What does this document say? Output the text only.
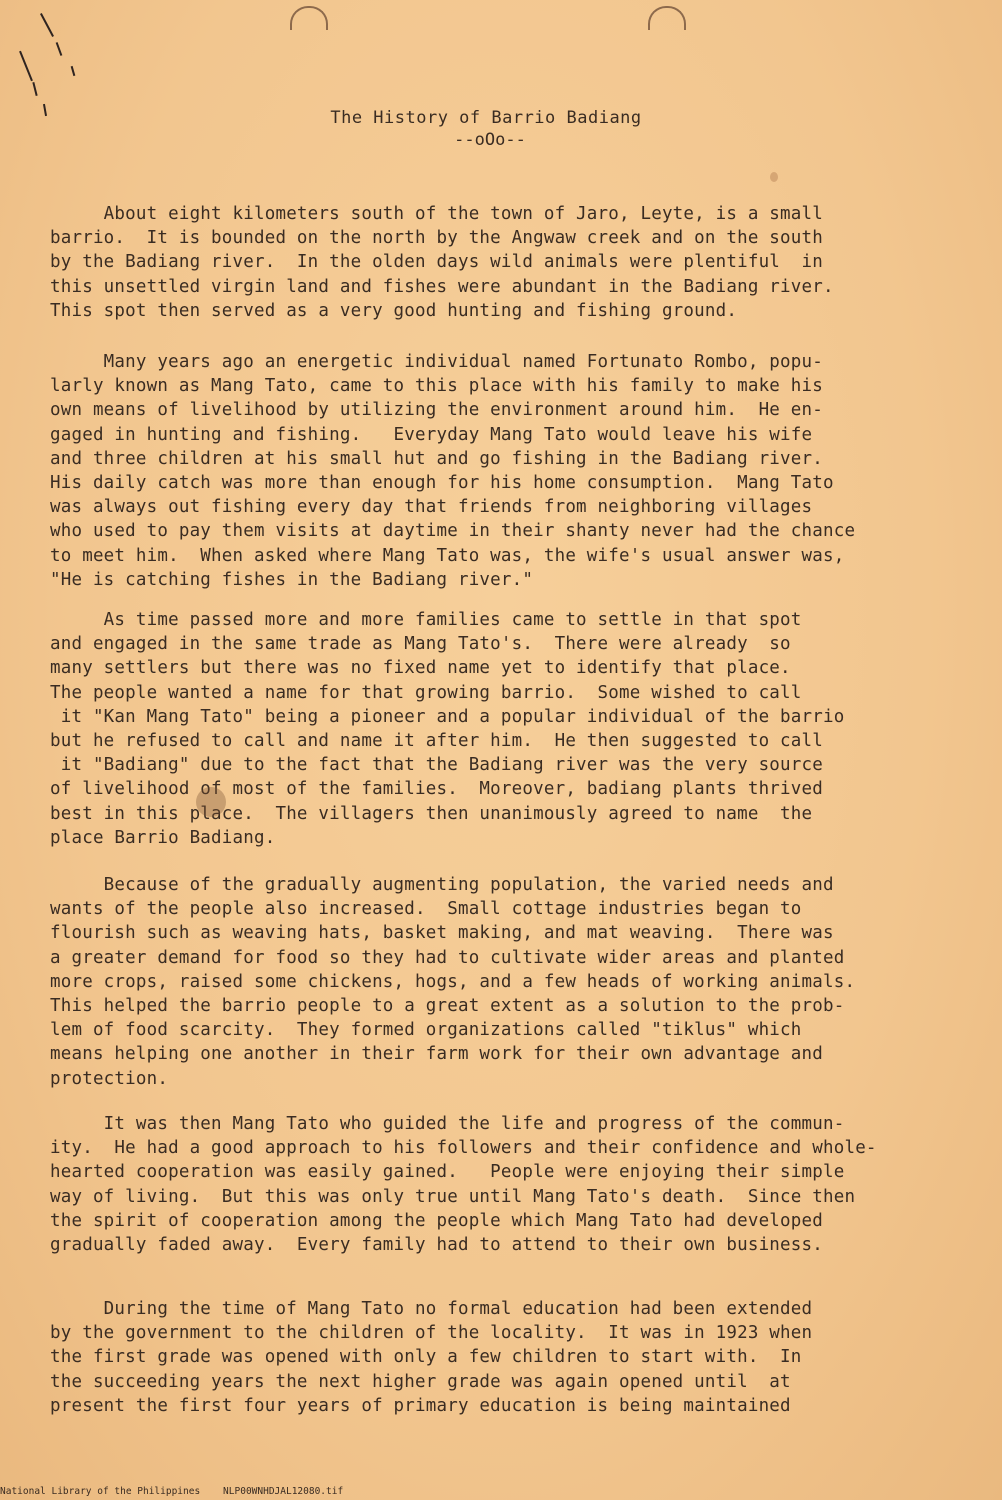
The History of Barrio Badiang
--oOo--
About eight kilometers south of the town of Jaro, Leyte, is a small
barrio.  It is bounded on the north by the Angwaw creek and on the south
by the Badiang river.  In the olden days wild animals were plentiful  in
this unsettled virgin land and fishes were abundant in the Badiang river.
This spot then served as a very good hunting and fishing ground.
Many years ago an energetic individual named Fortunato Rombo, popu-
larly known as Mang Tato, came to this place with his family to make his
own means of livelihood by utilizing the environment around him.  He en-
gaged in hunting and fishing.   Everyday Mang Tato would leave his wife
and three children at his small hut and go fishing in the Badiang river.
His daily catch was more than enough for his home consumption.  Mang Tato
was always out fishing every day that friends from neighboring villages
who used to pay them visits at daytime in their shanty never had the chance
to meet him.  When asked where Mang Tato was, the wife's usual answer was,
"He is catching fishes in the Badiang river."
As time passed more and more families came to settle in that spot
and engaged in the same trade as Mang Tato's.  There were already  so
many settlers but there was no fixed name yet to identify that place.
The people wanted a name for that growing barrio.  Some wished to call
it "Kan Mang Tato" being a pioneer and a popular individual of the barrio
but he refused to call and name it after him.  He then suggested to call
it "Badiang" due to the fact that the Badiang river was the very source
of livelihood of most of the families.  Moreover, badiang plants thrived
best in this place.  The villagers then unanimously agreed to name  the
place Barrio Badiang.
Because of the gradually augmenting population, the varied needs and
wants of the people also increased.  Small cottage industries began to
flourish such as weaving hats, basket making, and mat weaving.  There was
a greater demand for food so they had to cultivate wider areas and planted
more crops, raised some chickens, hogs, and a few heads of working animals.
This helped the barrio people to a great extent as a solution to the prob-
lem of food scarcity.  They formed organizations called "tiklus" which
means helping one another in their farm work for their own advantage and
protection.
It was then Mang Tato who guided the life and progress of the commun-
ity.  He had a good approach to his followers and their confidence and whole-
hearted cooperation was easily gained.   People were enjoying their simple
way of living.  But this was only true until Mang Tato's death.  Since then
the spirit of cooperation among the people which Mang Tato had developed
gradually faded away.  Every family had to attend to their own business.
During the time of Mang Tato no formal education had been extended
by the government to the children of the locality.  It was in 1923 when
the first grade was opened with only a few children to start with.  In
the succeeding years the next higher grade was again opened until  at
present the first four years of primary education is being maintained
National Library of the Philippines    NLP00WNHDJAL12080.tif
